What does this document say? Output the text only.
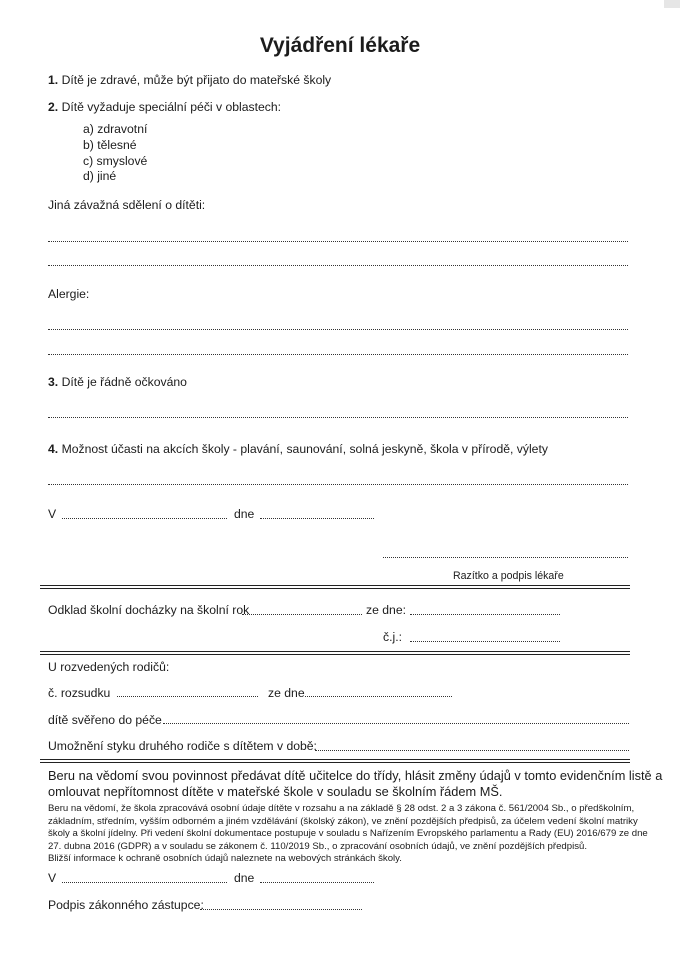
Vyjádření lékaře
1. Dítě je zdravé, může být přijato do mateřské školy
2. Dítě vyžaduje speciální péči v oblastech:
a) zdravotní
b) tělesné
c) smyslové
d) jiné
Jiná závažná sdělení o dítěti:
Alergie:
3. Dítě je řádně očkováno
4. Možnost účasti na akcích školy - plavání, saunování, solná jeskyně, škola v přírodě, výlety
V	dne
Razítko a podpis lékaře
Odklad školní docházky na školní rok	ze dne:
č.j.:
U rozvedených rodičů:
č. rozsudku	ze dne
dítě svěřeno do péče
Umožnění styku druhého rodiče s dítětem v době:
Beru na vědomí svou povinnost předávat dítě učitelce do třídy, hlásit změny údajů v tomto evidenčním listě a
omlouvat nepřítomnost dítěte v mateřské škole v souladu se školním řádem MŠ.
Beru na vědomí, že škola zpracovává osobní údaje dítěte v rozsahu a na základě § 28 odst. 2 a 3 zákona č. 561/2004 Sb., o předškolním,
základním, středním, vyšším odborném a jiném vzdělávání (školský zákon), ve znění pozdějších předpisů, za účelem vedení školní matriky
školy a školní jídelny. Při vedení školní dokumentace postupuje v souladu s Nařízením Evropského parlamentu a Rady (EU) 2016/679 ze dne
27. dubna 2016 (GDPR) a v souladu se zákonem č. 110/2019 Sb., o zpracování osobních údajů, ve znění pozdějších předpisů.
Bližší informace k ochraně osobních údajů naleznete na webových stránkách školy.
V	dne
Podpis zákonného zástupce:
